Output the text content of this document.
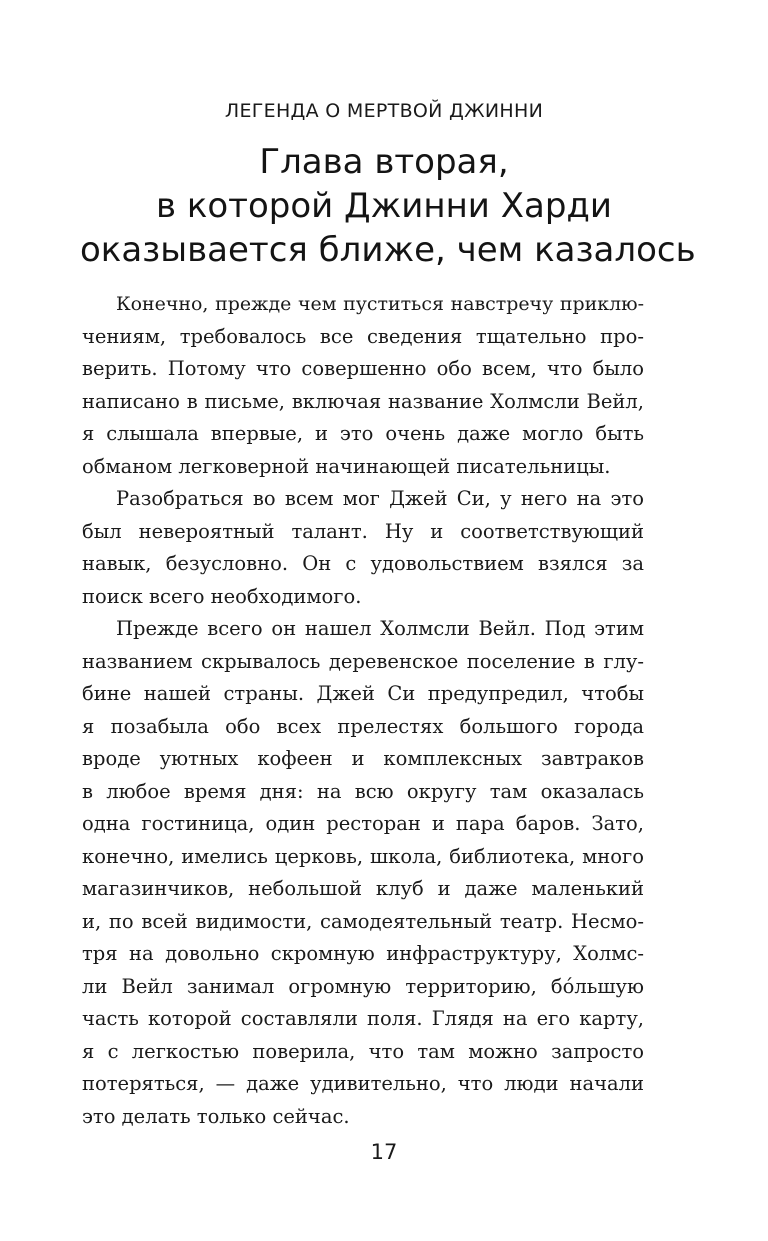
ЛЕГЕНДА О МЕРТВОЙ ДЖИННИ
Глава вторая,
в которой Джинни Харди
оказывается ближе, чем казалось
Конечно, прежде чем пуститься навстречу приклю-
чениям, требовалось все сведения тщательно про-
верить. Потому что совершенно обо всем, что было
написано в письме, включая название Холмсли Вейл,
я слышала впервые, и это очень даже могло быть
обманом легковерной начинающей писательницы.
Разобраться во всем мог Джей Си, у него на это
был невероятный талант. Ну и соответствующий
навык, безусловно. Он с удовольствием взялся за
поиск всего необходимого.
Прежде всего он нашел Холмсли Вейл. Под этим
названием скрывалось деревенское поселение в глу-
бине нашей страны. Джей Си предупредил, чтобы
я позабыла обо всех прелестях большого города
вроде уютных кофеен и комплексных завтраков
в любое время дня: на всю округу там оказалась
одна гостиница, один ресторан и пара баров. Зато,
конечно, имелись церковь, школа, библиотека, много
магазинчиков, небольшой клуб и даже маленький
и, по всей видимости, самодеятельный театр. Несмо-
тря на довольно скромную инфраструктуру, Холмс-
ли Вейл занимал огромную территорию, бóльшую
часть которой составляли поля. Глядя на его карту,
я с легкостью поверила, что там можно запросто
потеряться, — даже удивительно, что люди начали
это делать только сейчас.
17
